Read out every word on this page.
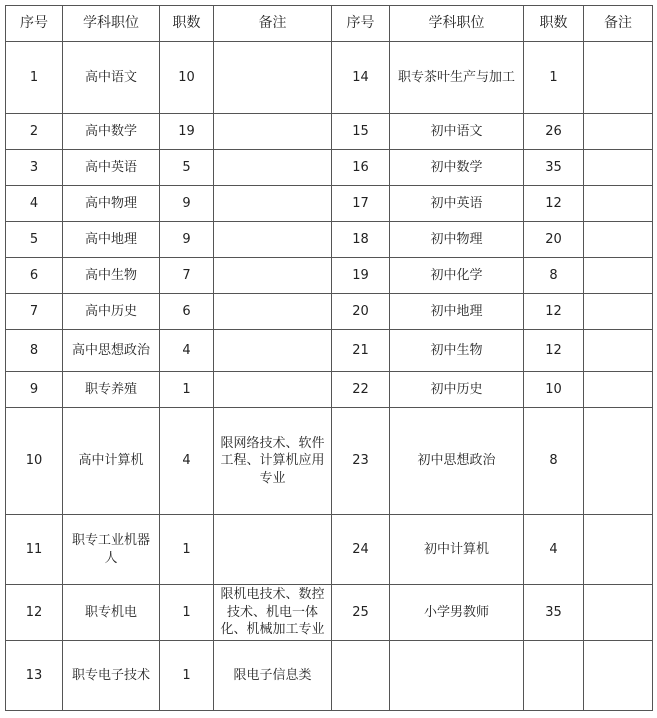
序号	学科职位	职数	备注	序号	学科职位	职数	备注
1	高中语文	10		14	职专茶叶生产与加工	1	
2	高中数学	19		15	初中语文	26	
3	高中英语	5		16	初中数学	35	
4	高中物理	9		17	初中英语	12	
5	高中地理	9		18	初中物理	20	
6	高中生物	7		19	初中化学	8	
7	高中历史	6		20	初中地理	12	
8	高中思想政治	4		21	初中生物	12	
9	职专养殖	1		22	初中历史	10	
10	高中计算机	4	限网络技术、软件工程、计算机应用专业	23	初中思想政治	8	
11	职专工业机器人	1		24	初中计算机	4	
12	职专机电	1	限机电技术、数控技术、机电一体化、机械加工专业	25	小学男教师	35	
13	职专电子技术	1	限电子信息类				
